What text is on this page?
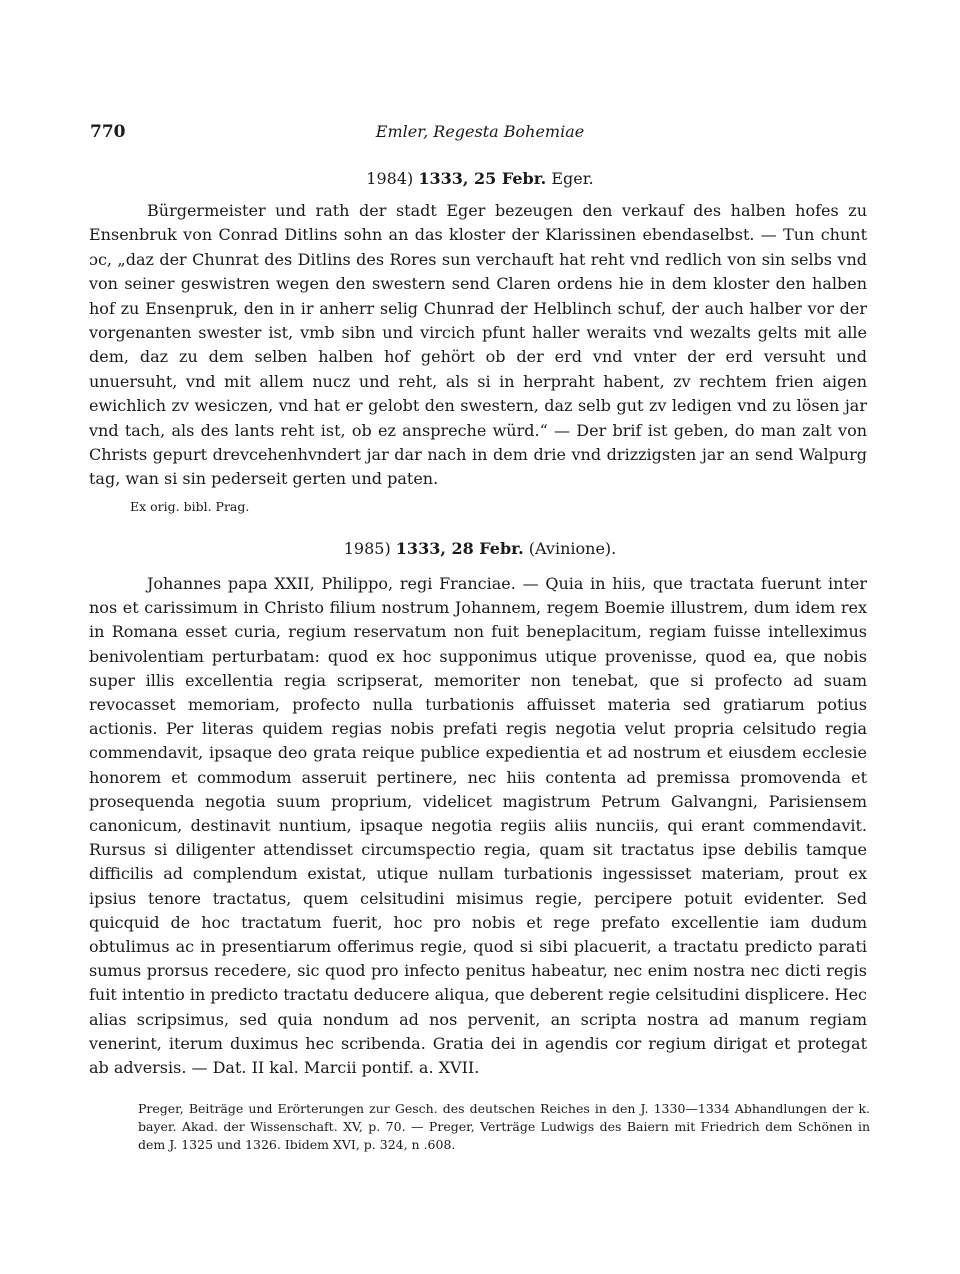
770	Emler, Regesta Bohemiae
1984) 1333, 25 Febr. Eger.
Bürgermeister und rath der stadt Eger bezeugen den verkauf des halben hofes zu Ensenbruk von Conrad Ditlins sohn an das kloster der Klarissinen ebendaselbst. — Tun chunt ɔc, „daz der Chunrat des Ditlins des Rores sun verchauft hat reht vnd redlich von sin selbs vnd von seiner geswistren wegen den swestern send Claren ordens hie in dem kloster den halben hof zu Ensenpruk, den in ir anherr selig Chunrad der Helblinch schuf, der auch halber vor der vorgenanten swester ist, vmb sibn und vircich pfunt haller weraits vnd wezalts gelts mit alle dem, daz zu dem selben halben hof gehört ob der erd vnd vnter der erd versuht und unuersuht, vnd mit allem nucz und reht, als si in herpraht habent, zv rechtem frien aigen ewichlich zv wesiczen, vnd hat er gelobt den swestern, daz selb gut zv ledigen vnd zu lösen jar vnd tach, als des lants reht ist, ob ez anspreche würd.“ — Der brif ist geben, do man zalt von Christs gepurt drevcehenhvndert jar dar nach in dem drie vnd drizzigsten jar an send Walpurg tag, wan si sin pederseit gerten und paten.
Ex orig. bibl. Prag.
1985) 1333, 28 Febr. (Avinione).
Johannes papa XXII, Philippo, regi Franciae. — Quia in hiis, que tractata fuerunt inter nos et carissimum in Christo filium nostrum Johannem, regem Boemie illustrem, dum idem rex in Romana esset curia, regium reservatum non fuit beneplacitum, regiam fuisse intelleximus benivolentiam perturbatam: quod ex hoc supponimus utique provenisse, quod ea, que nobis super illis excellentia regia scripserat, memoriter non tenebat, que si profecto ad suam revocasset memoriam, profecto nulla turbationis affuisset materia sed gratiarum potius actionis. Per literas quidem regias nobis prefati regis negotia velut propria celsitudo regia commendavit, ipsaque deo grata reique publice expedientia et ad nostrum et eiusdem ecclesie honorem et commodum asseruit pertinere, nec hiis contenta ad premissa promovenda et prosequenda negotia suum proprium, videlicet magistrum Petrum Galvangni, Parisiensem canonicum, destinavit nuntium, ipsaque negotia regiis aliis nunciis, qui erant commendavit. Rursus si diligenter attendisset circumspectio regia, quam sit tractatus ipse debilis tamque difficilis ad complendum existat, utique nullam turbationis ingessisset materiam, prout ex ipsius tenore tractatus, quem celsitudini misimus regie, percipere potuit evidenter. Sed quicquid de hoc tractatum fuerit, hoc pro nobis et rege prefato excellentie iam dudum obtulimus ac in presentiarum offerimus regie, quod si sibi placuerit, a tractatu predicto parati sumus prorsus recedere, sic quod pro infecto penitus habeatur, nec enim nostra nec dicti regis fuit intentio in predicto tractatu deducere aliqua, que deberent regie celsitudini displicere. Hec alias scripsimus, sed quia nondum ad nos pervenit, an scripta nostra ad manum regiam venerint, iterum duximus hec scribenda. Gratia dei in agendis cor regium dirigat et protegat ab adversis. — Dat. II kal. Marcii pontif. a. XVII.
Preger, Beiträge und Erörterungen zur Gesch. des deutschen Reiches in den J. 1330—1334 Abhandlungen der k. bayer. Akad. der Wissenschaft. XV, p. 70. — Preger, Verträge Ludwigs des Baiern mit Friedrich dem Schönen in dem J. 1325 und 1326. Ibidem XVI, p. 324, n .608.
